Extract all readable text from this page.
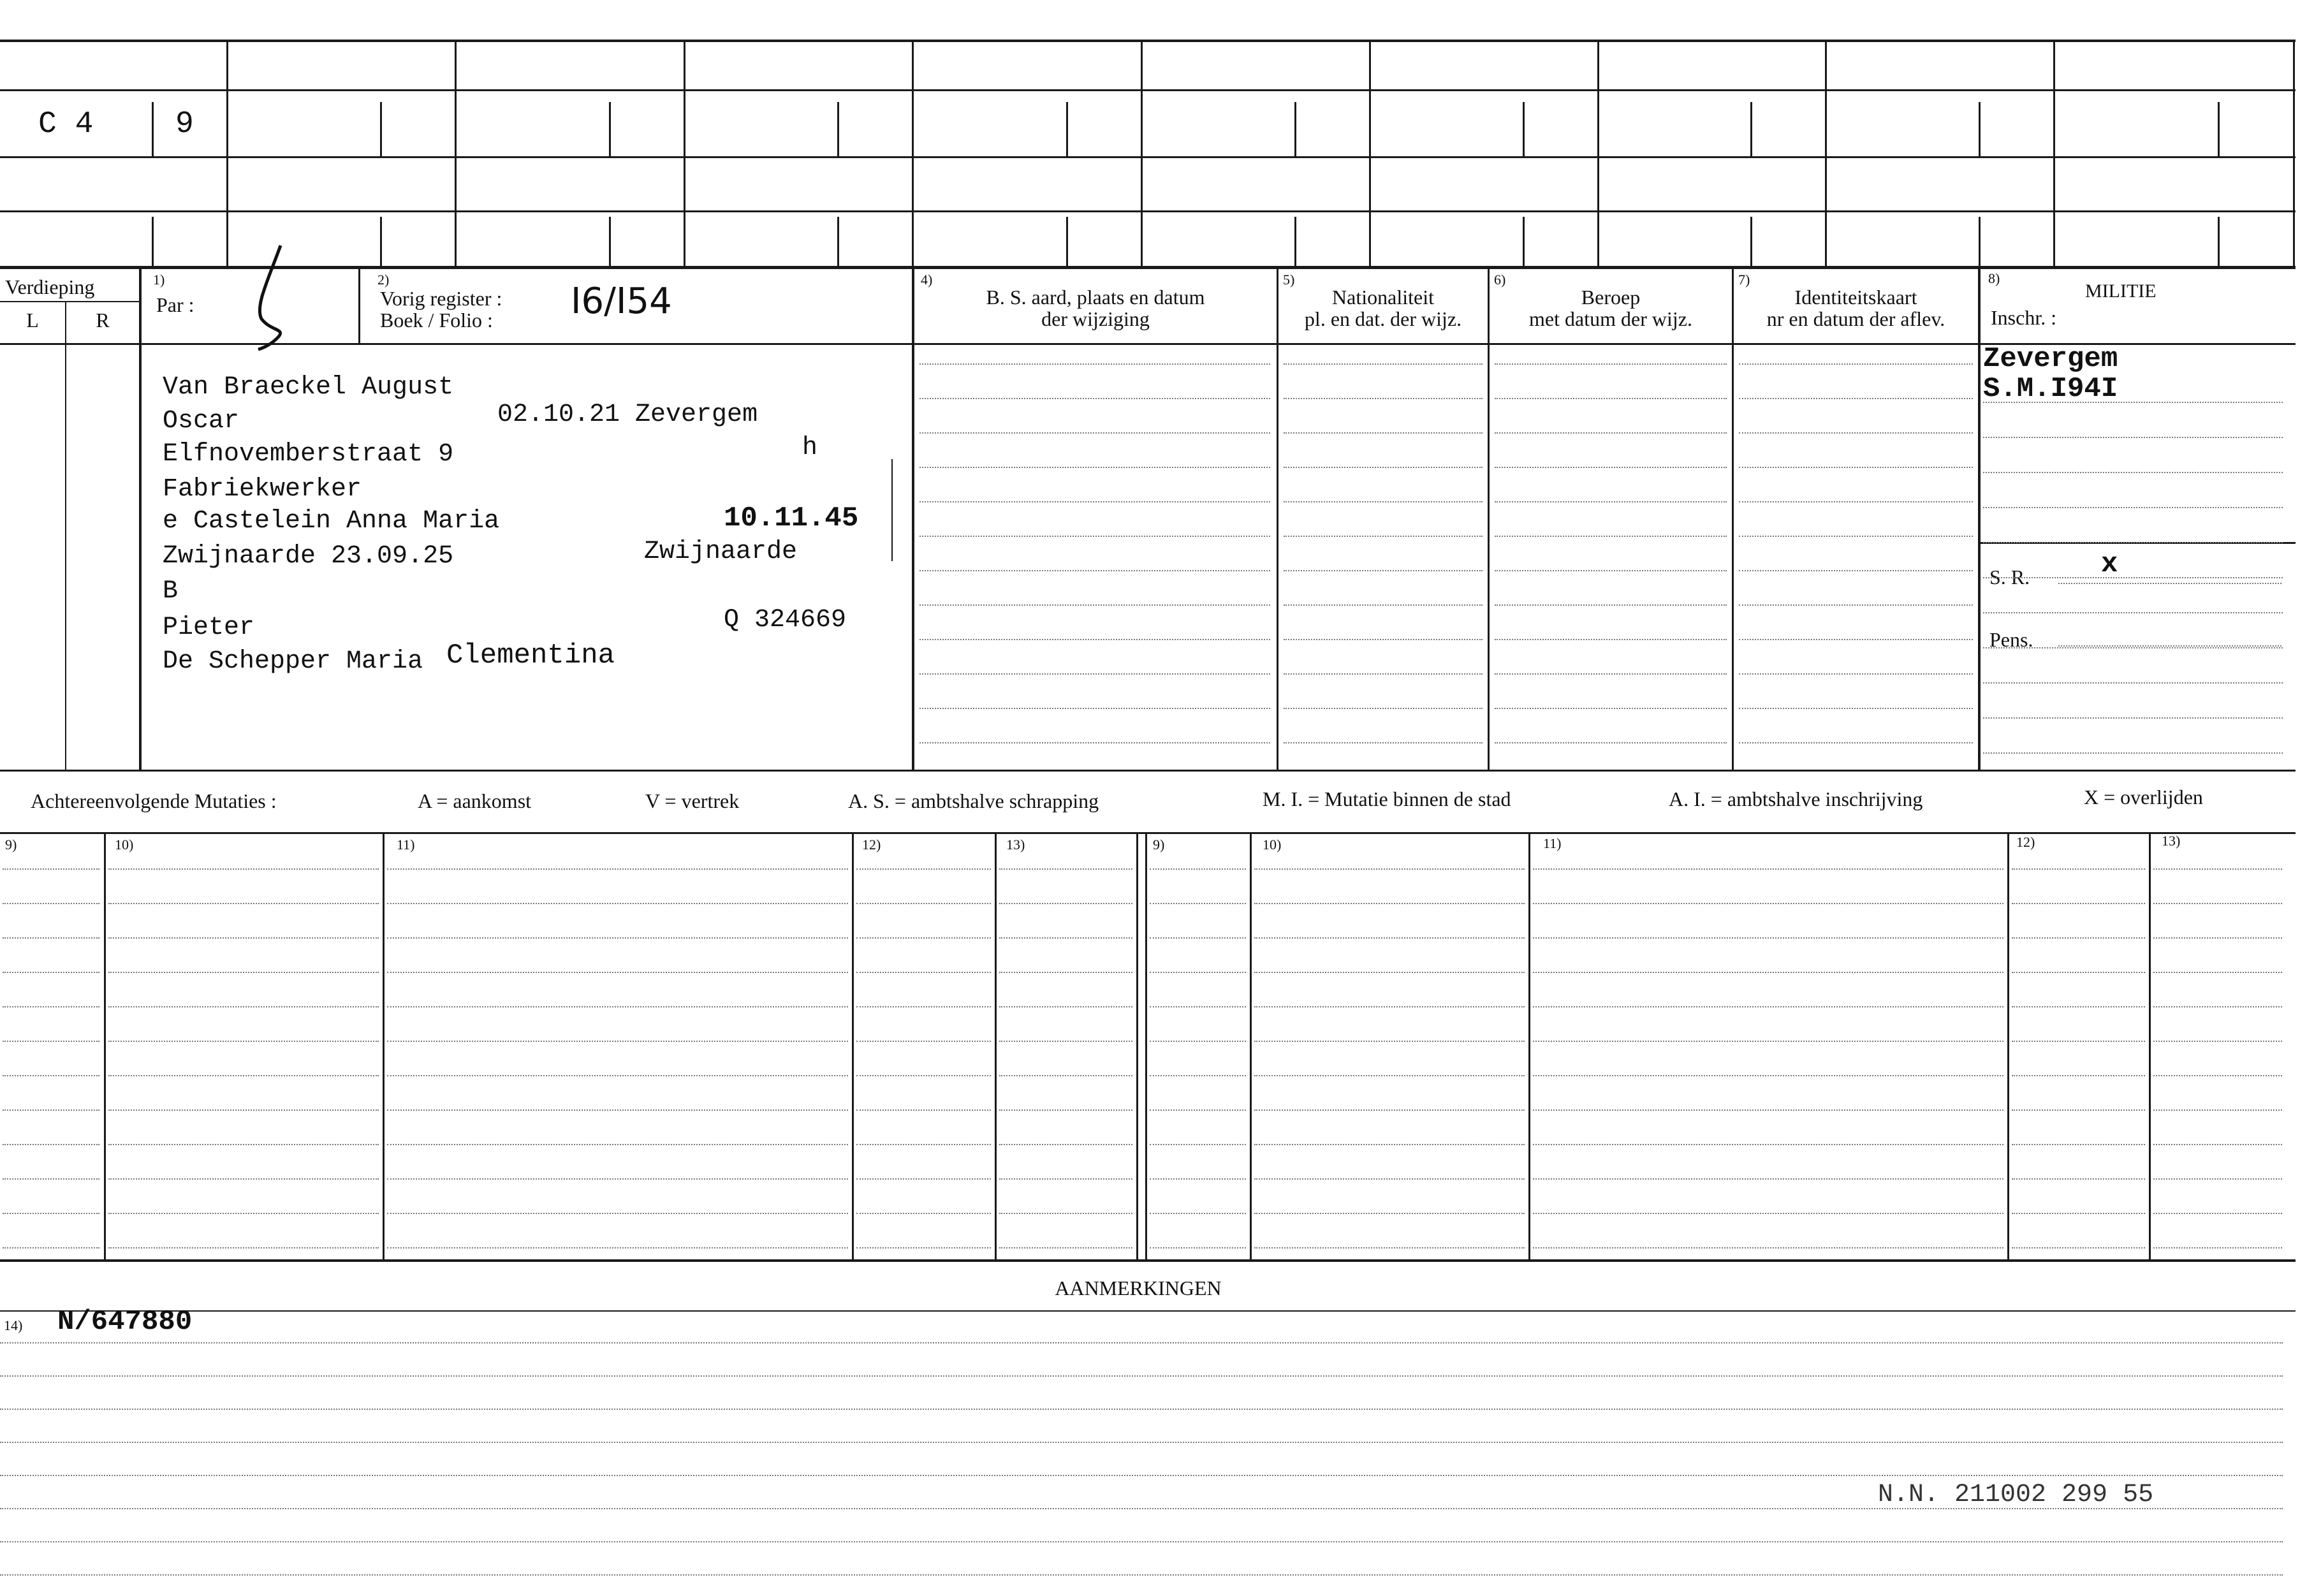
C 4	9
Verdieping
L	R
1)
Par :
2)
Vorig register :
Boek / Folio : I6/I54
4)
B. S. aard, plaats en datum
der wijziging
5)
Nationaliteit
pl. en dat. der wijz.
6)
Beroep
met datum der wijz.
7)
Identiteitskaart
nr en datum der aflev.
8)
MILITIE
Inschr. :
Van Braeckel August
Oscar	02.10.21 Zevergem
Elfnovemberstraat 9	h
Fabriekwerker
e Castelein Anna Maria	10.11.45
Zwijnaarde 23.09.25	Zwijnaarde
B
Pieter	Q 324669
De Schepper Maria Clementina
Zevergem
S.M.I94I
S. R.	x
Pens.
Achtereenvolgende Mutaties :	A = aankomst	V = vertrek	A. S. = ambtshalve schrapping	M. I. = Mutatie binnen de stad	A. I. = ambtshalve inschrijving	X = overlijden
9)	10)	11)	12)	13)	9)	10)	11)	12)	13)
AANMERKINGEN
14) N/647880
N.N. 211002 299 55
